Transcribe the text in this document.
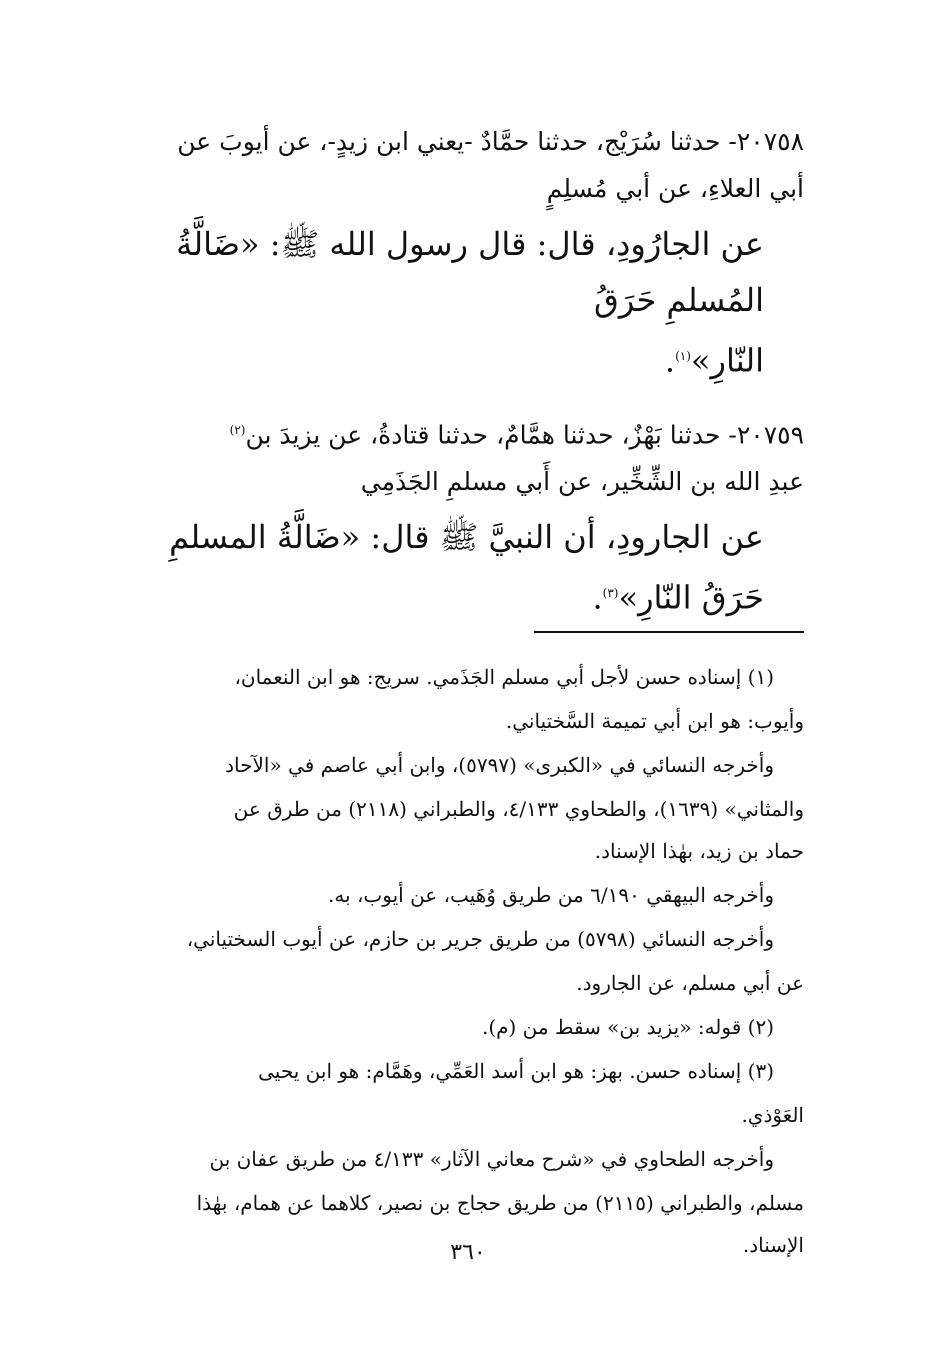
٢٠٧٥٨- حدثنا سُرَيْج، حدثنا حمَّادٌ -يعني ابن زيدٍ-، عن أيوبَ عن
أبي العلاءِ، عن أبي مُسلِمٍ

عن الجارُودِ، قال: قال رسول الله ﷺ: «ضَالَّةُ المُسلمِ حَرَقُ
النّارِ»$^{(١)}$.

٢٠٧٥٩- حدثنا بَهْزٌ، حدثنا همَّامٌ، حدثنا قتادةُ، عن يزيدَ بن$^{(٢)}$
عبدِ الله بن الشِّخِّير، عن أَبي مسلمِ الجَذَمِي

عن الجارودِ، أن النبيَّ ﷺ قال: «ضَالَّةُ المسلمِ حَرَقُ النّارِ»$^{(٣)}$.

(١) إسناده حسن لأجل أبي مسلم الجَذَمي. سريج: هو ابن النعمان،

وأيوب: هو ابن أبي تميمة السَّختياني.

وأخرجه النسائي في «الكبرى» (٥٧٩٧)، وابن أبي عاصم في «الآحاد

والمثاني» (١٦٣٩)، والطحاوي ٤/١٣٣، والطبراني (٢١١٨) من طرق عن
حماد بن زيد، بهٰذا الإسناد.

وأخرجه البيهقي ٦/١٩٠ من طريق وُهَيب، عن أيوب، به.

وأخرجه النسائي (٥٧٩٨) من طريق جرير بن حازم، عن أيوب السختياني،

عن أبي مسلم، عن الجارود.

(٢) قوله: «يزيد بن» سقط من (م).

(٣) إسناده حسن. بهز: هو ابن أسد العَمِّي، وهَمَّام: هو ابن يحيى

العَوْذي.

وأخرجه الطحاوي في «شرح معاني الآثار» ٤/١٣٣ من طريق عفان بن

مسلم، والطبراني (٢١١٥) من طريق حجاج بن نصير، كلاهما عن همام، بهٰذا
الإسناد.

٣٦٠
